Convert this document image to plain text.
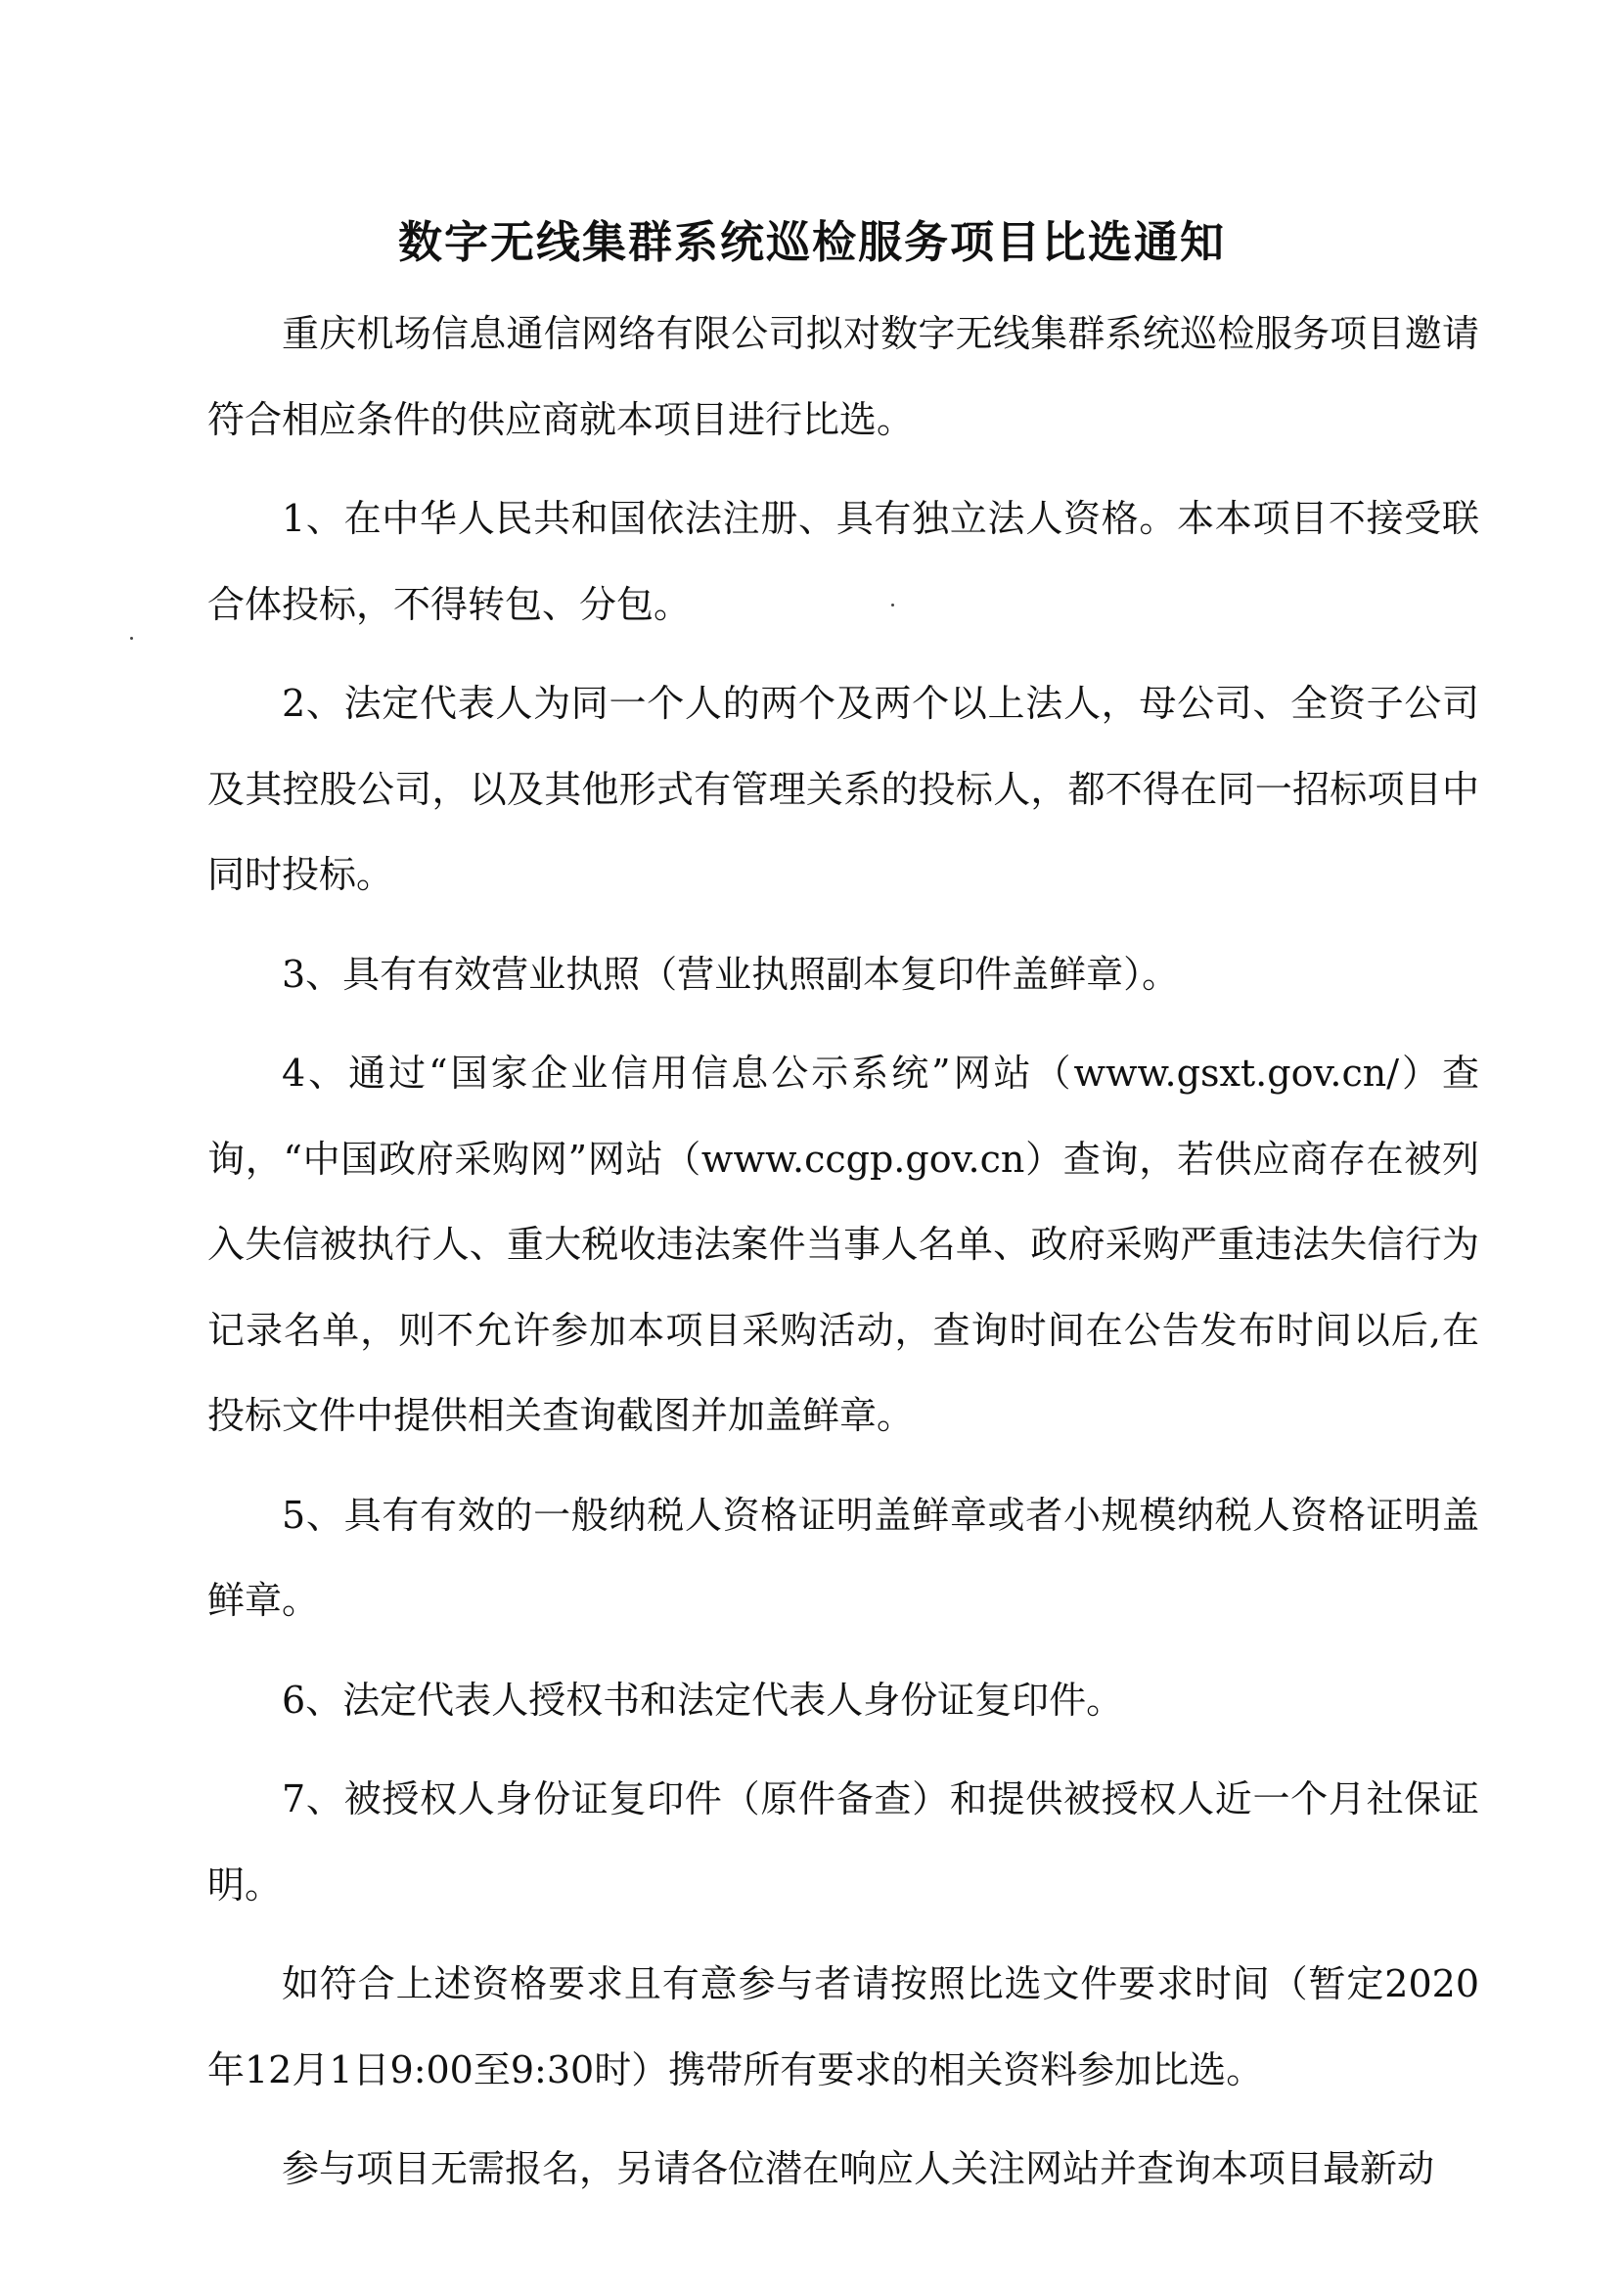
数字无线集群系统巡检服务项目比选通知

重庆机场信息通信网络有限公司拟对数字无线集群系统巡检服务项目邀请符合相应条件的供应商就本项目进行比选。

1、在中华人民共和国依法注册、具有独立法人资格。本本项目不接受联合体投标，不得转包、分包。

2、法定代表人为同一个人的两个及两个以上法人，母公司、全资子公司及其控股公司，以及其他形式有管理关系的投标人，都不得在同一招标项目中同时投标。

3、具有有效营业执照（营业执照副本复印件盖鲜章）。

4、通过“国家企业信用信息公示系统”网站（www.gsxt.gov.cn/）查询，“中国政府采购网”网站（www.ccgp.gov.cn）查询，若供应商存在被列入失信被执行人、重大税收违法案件当事人名单、政府采购严重违法失信行为记录名单，则不允许参加本项目采购活动，查询时间在公告发布时间以后,在投标文件中提供相关查询截图并加盖鲜章。

5、具有有效的一般纳税人资格证明盖鲜章或者小规模纳税人资格证明盖鲜章。

6、法定代表人授权书和法定代表人身份证复印件。

7、被授权人身份证复印件（原件备查）和提供被授权人近一个月社保证明。

如符合上述资格要求且有意参与者请按照比选文件要求时间（暂定2020年12月1日9:00至9:30时）携带所有要求的相关资料参加比选。

参与项目无需报名，另请各位潜在响应人关注网站并查询本项目最新动
